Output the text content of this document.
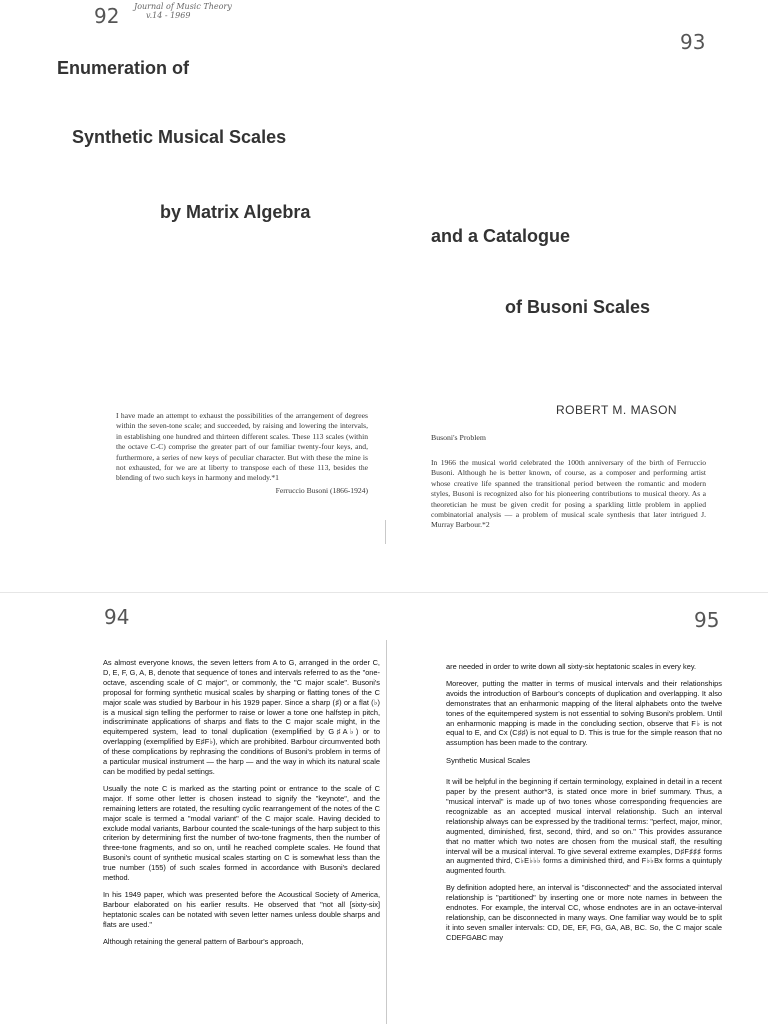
92 Journal of Music Theory
v.14 - 1969
93
Enumeration of
Synthetic Musical Scales
by Matrix Algebra
and a Catalogue
of Busoni Scales
ROBERT M. MASON
I have made an attempt to exhaust the possibilities of the arrangement of degrees within the seven-tone scale; and succeeded, by raising and lowering the intervals, in establishing one hundred and thirteen different scales. These 113 scales (within the octave C-C) comprise the greater part of our familiar twenty-four keys, and, furthermore, a series of new keys of peculiar character. But with these the mine is not exhausted, for we are at liberty to transpose each of these 113, besides the blending of two such keys in harmony and melody.*1
Ferruccio Busoni (1866-1924)
Busoni's Problem
In 1966 the musical world celebrated the 100th anniversary of the birth of Ferruccio Busoni. Although he is better known, of course, as a composer and performing artist whose creative life spanned the transitional period between the romantic and modern styles, Busoni is recognized also for his pioneering contributions to musical theory. As a theoretician he must be given credit for posing a sparkling little problem in applied combinatorial analysis — a problem of musical scale synthesis that later intrigued J. Murray Barbour.*2
94	95

As almost everyone knows, the seven letters from A to G, arranged in the order C, D, E, F, G, A, B, denote that sequence of tones and intervals referred to as the "one-octave, ascending scale of C major", or commonly, the "C major scale". Busoni's proposal for forming synthetic musical scales by sharping or flatting tones of the C major scale was studied by Barbour in his 1929 paper. Since a sharp (♯) or a flat (♭) is a musical sign telling the performer to raise or lower a tone one halfstep in pitch, indiscriminate applications of sharps and flats to the C major scale might, in the equitempered system, lead to tonal duplication (exemplified by G♯A♭) or to overlapping (exemplified by E♯F♭), which are prohibited. Barbour circumvented both of these complications by rephrasing the conditions of Busoni's problem in terms of a particular musical instrument — the harp — and the way in which its natural scale can be modified by pedal settings.

Usually the note C is marked as the starting point or entrance to the scale of C major. If some other letter is chosen instead to signify the "keynote", and the remaining letters are rotated, the resulting cyclic rearrangement of the notes of the C major scale is termed a "modal variant" of the C major scale. Having decided to exclude modal variants, Barbour counted the scale-tunings of the harp subject to this criterion by determining first the number of two-tone fragments, then the number of three-tone fragments, and so on, until he reached complete scales. He found that Busoni's count of synthetic musical scales starting on C is somewhat less than the true number (155) of such scales formed in accordance with Busoni's declared method.

In his 1949 paper, which was presented before the Acoustical Society of America, Barbour elaborated on his earlier results. He observed that "not all [sixty-six] heptatonic scales can be notated with seven letter names unless double sharps and flats are used."

Although retaining the general pattern of Barbour's approach,

are needed in order to write down all sixty-six heptatonic scales in every key.

Moreover, putting the matter in terms of musical intervals and their relationships avoids the introduction of Barbour's concepts of duplication and overlapping. It also demonstrates that an enharmonic mapping of the literal alphabets onto the twelve tones of the equitempered system is not essential to solving Busoni's problem. Until an enharmonic mapping is made in the concluding section, observe that F♭ is not equal to E, and Cx (C♯♯) is not equal to D. This is true for the simple reason that no assumption has been made to the contrary.

Synthetic Musical Scales

It will be helpful in the beginning if certain terminology, explained in detail in a recent paper by the present author*3, is stated once more in brief summary. Thus, a "musical interval" is made up of two tones whose corresponding frequencies are recognizable as an accepted musical interval relationship. Such an interval relationship always can be expressed by the traditional terms: "perfect, major, minor, augmented, diminished, first, second, third, and so on." This provides assurance that no matter which two notes are chosen from the musical staff, the resulting interval will be a musical interval. To give several extreme examples, D♯F♯♯♯ forms an augmented third, C♭E♭♭♭ forms a diminished third, and F♭♭Bx forms a quintuply augmented fourth.

By definition adopted here, an interval is "disconnected" and the associated interval relationship is "partitioned" by inserting one or more note names in between the endnotes. For example, the interval CC, whose endnotes are in an octave-interval relationship, can be disconnected in many ways. One familiar way would be to split it into seven smaller intervals: CD, DE, EF, FG, GA, AB, BC. So, the C major scale CDEFGABC may
